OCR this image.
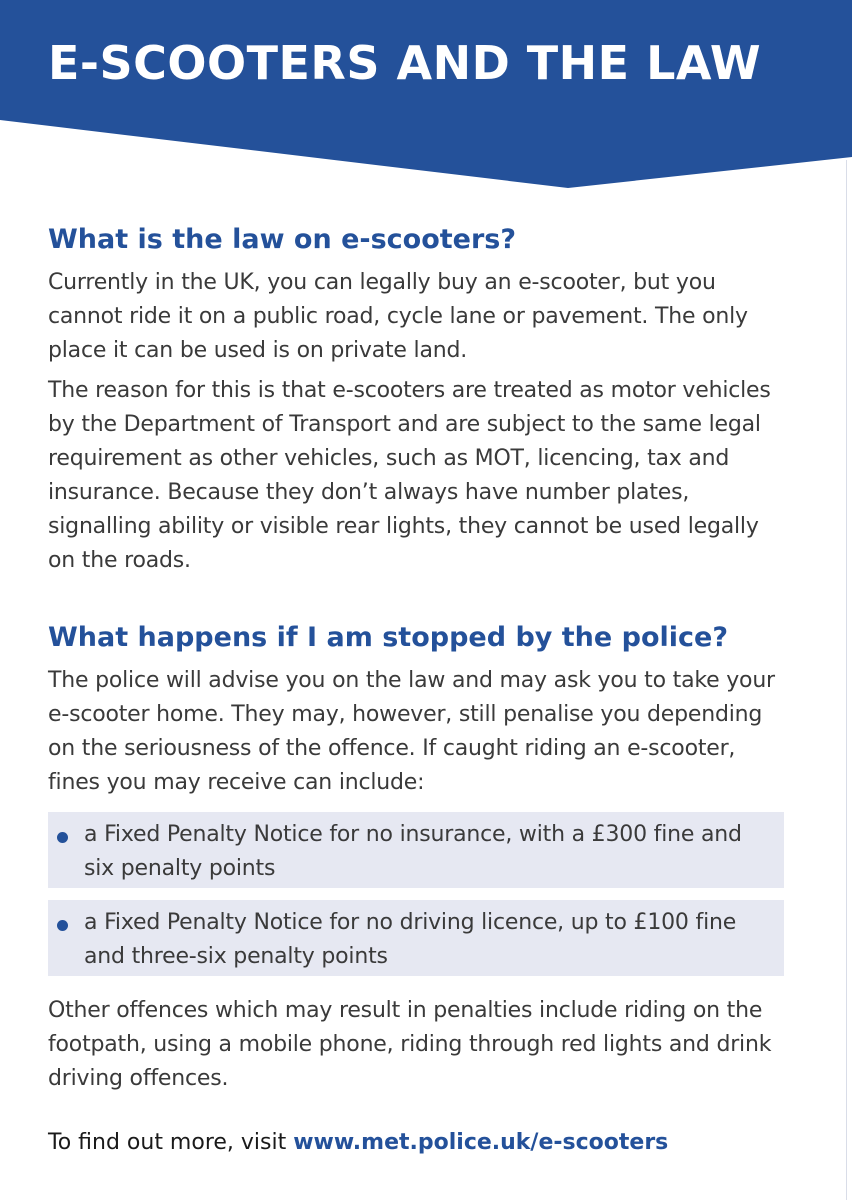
E-SCOOTERS AND THE LAW
What is the law on e-scooters?

Currently in the UK, you can legally buy an e-scooter, but you cannot ride it on a public road, cycle lane or pavement. The only place it can be used is on private land.

The reason for this is that e-scooters are treated as motor vehicles by the Department of Transport and are subject to the same legal requirement as other vehicles, such as MOT, licencing, tax and insurance. Because they don’t always have number plates, signalling ability or visible rear lights, they cannot be used legally on the roads.

What happens if I am stopped by the police?

The police will advise you on the law and may ask you to take your e-scooter home. They may, however, still penalise you depending on the seriousness of the offence. If caught riding an e-scooter, fines you may receive can include:

a Fixed Penalty Notice for no insurance, with a £300 fine and six penalty points
a Fixed Penalty Notice for no driving licence, up to £100 fine and three-six penalty points

Other offences which may result in penalties include riding on the footpath, using a mobile phone, riding through red lights and drink driving offences.

To find out more, visit www.met.police.uk/e-scooters
